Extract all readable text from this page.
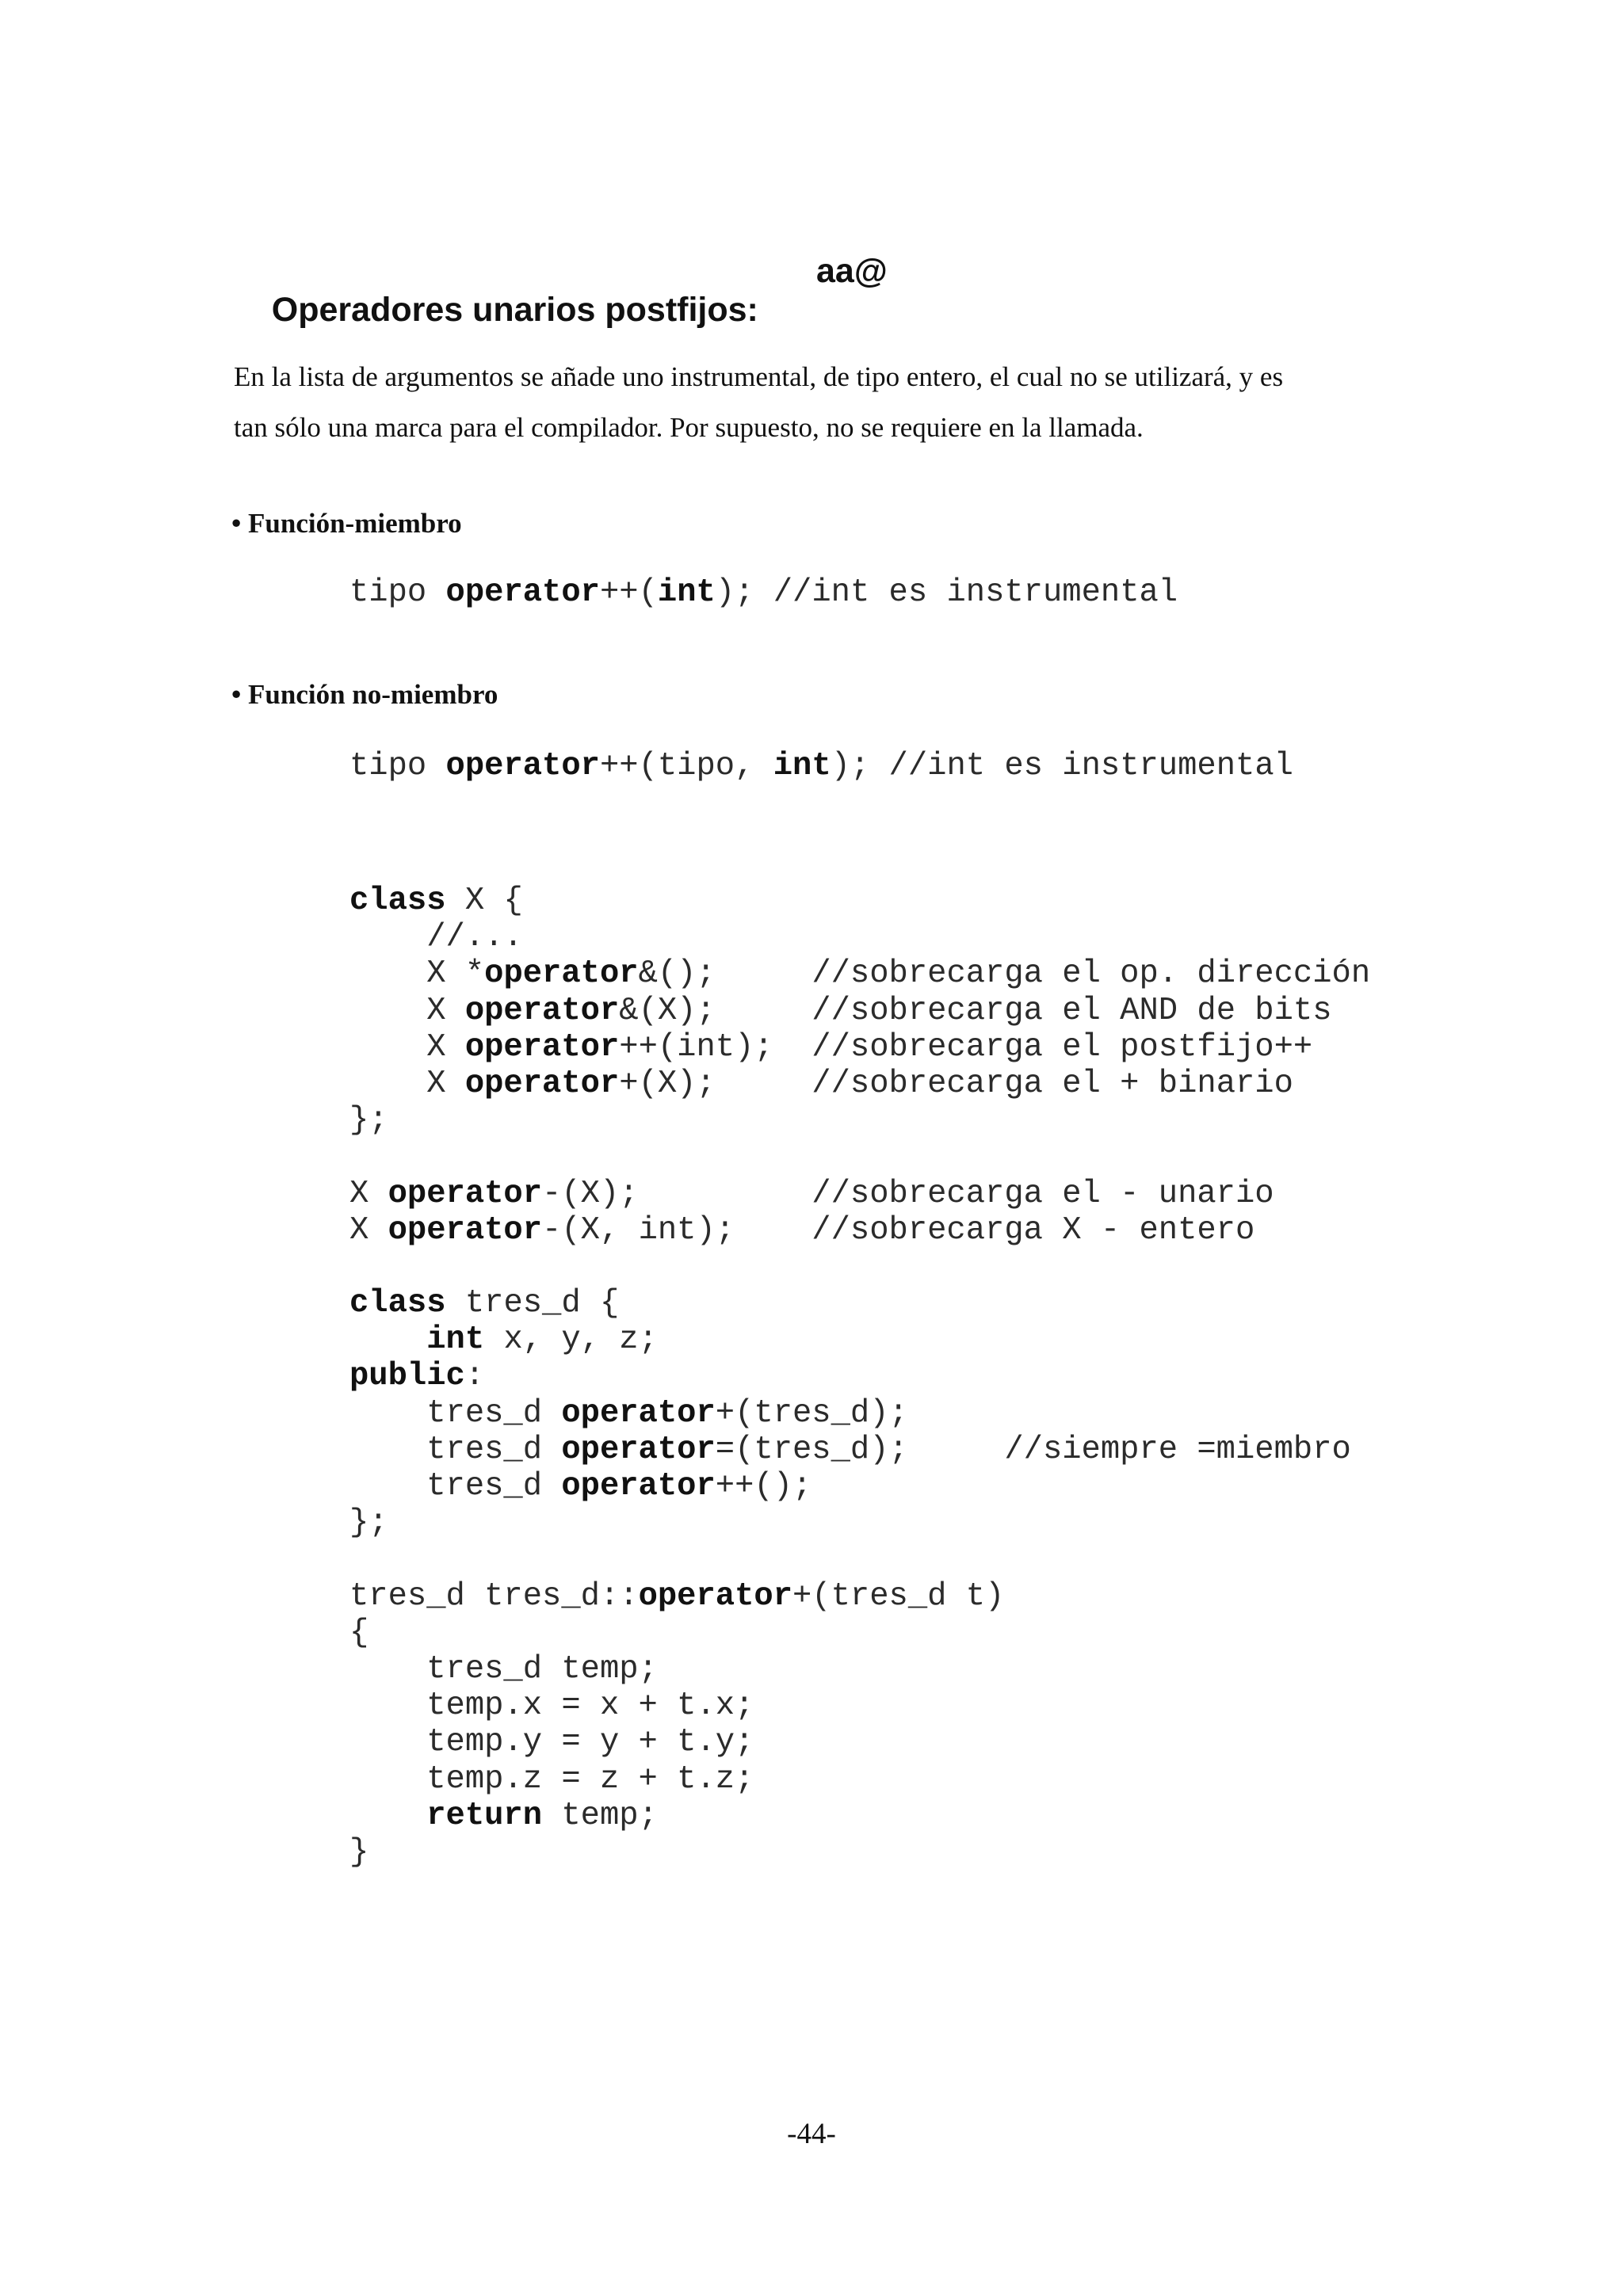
Operadores unarios postfijos:

aa@

En la lista de argumentos se añade uno instrumental, de tipo entero, el cual no se utilizará, y es
tan sólo una marca para el compilador. Por supuesto, no se requiere en la llamada.
• Función-miembro
tipo operator++(int); //int es instrumental
• Función no-miembro
tipo operator++(tipo, int); //int es instrumental
class X {
//...
X *operator&();     //sobrecarga el op. dirección
X operator&(X);     //sobrecarga el AND de bits
X operator++(int);  //sobrecarga el postfijo++
X operator+(X);     //sobrecarga el + binario
};

X operator-(X);         //sobrecarga el - unario
X operator-(X, int);    //sobrecarga X - entero

class tres_d {
int x, y, z;
public:
tres_d operator+(tres_d);
tres_d operator=(tres_d);     //siempre =miembro
tres_d operator++();
};

tres_d tres_d::operator+(tres_d t)
{
tres_d temp;
temp.x = x + t.x;
temp.y = y + t.y;
temp.z = z + t.z;
return temp;
}
-44-
